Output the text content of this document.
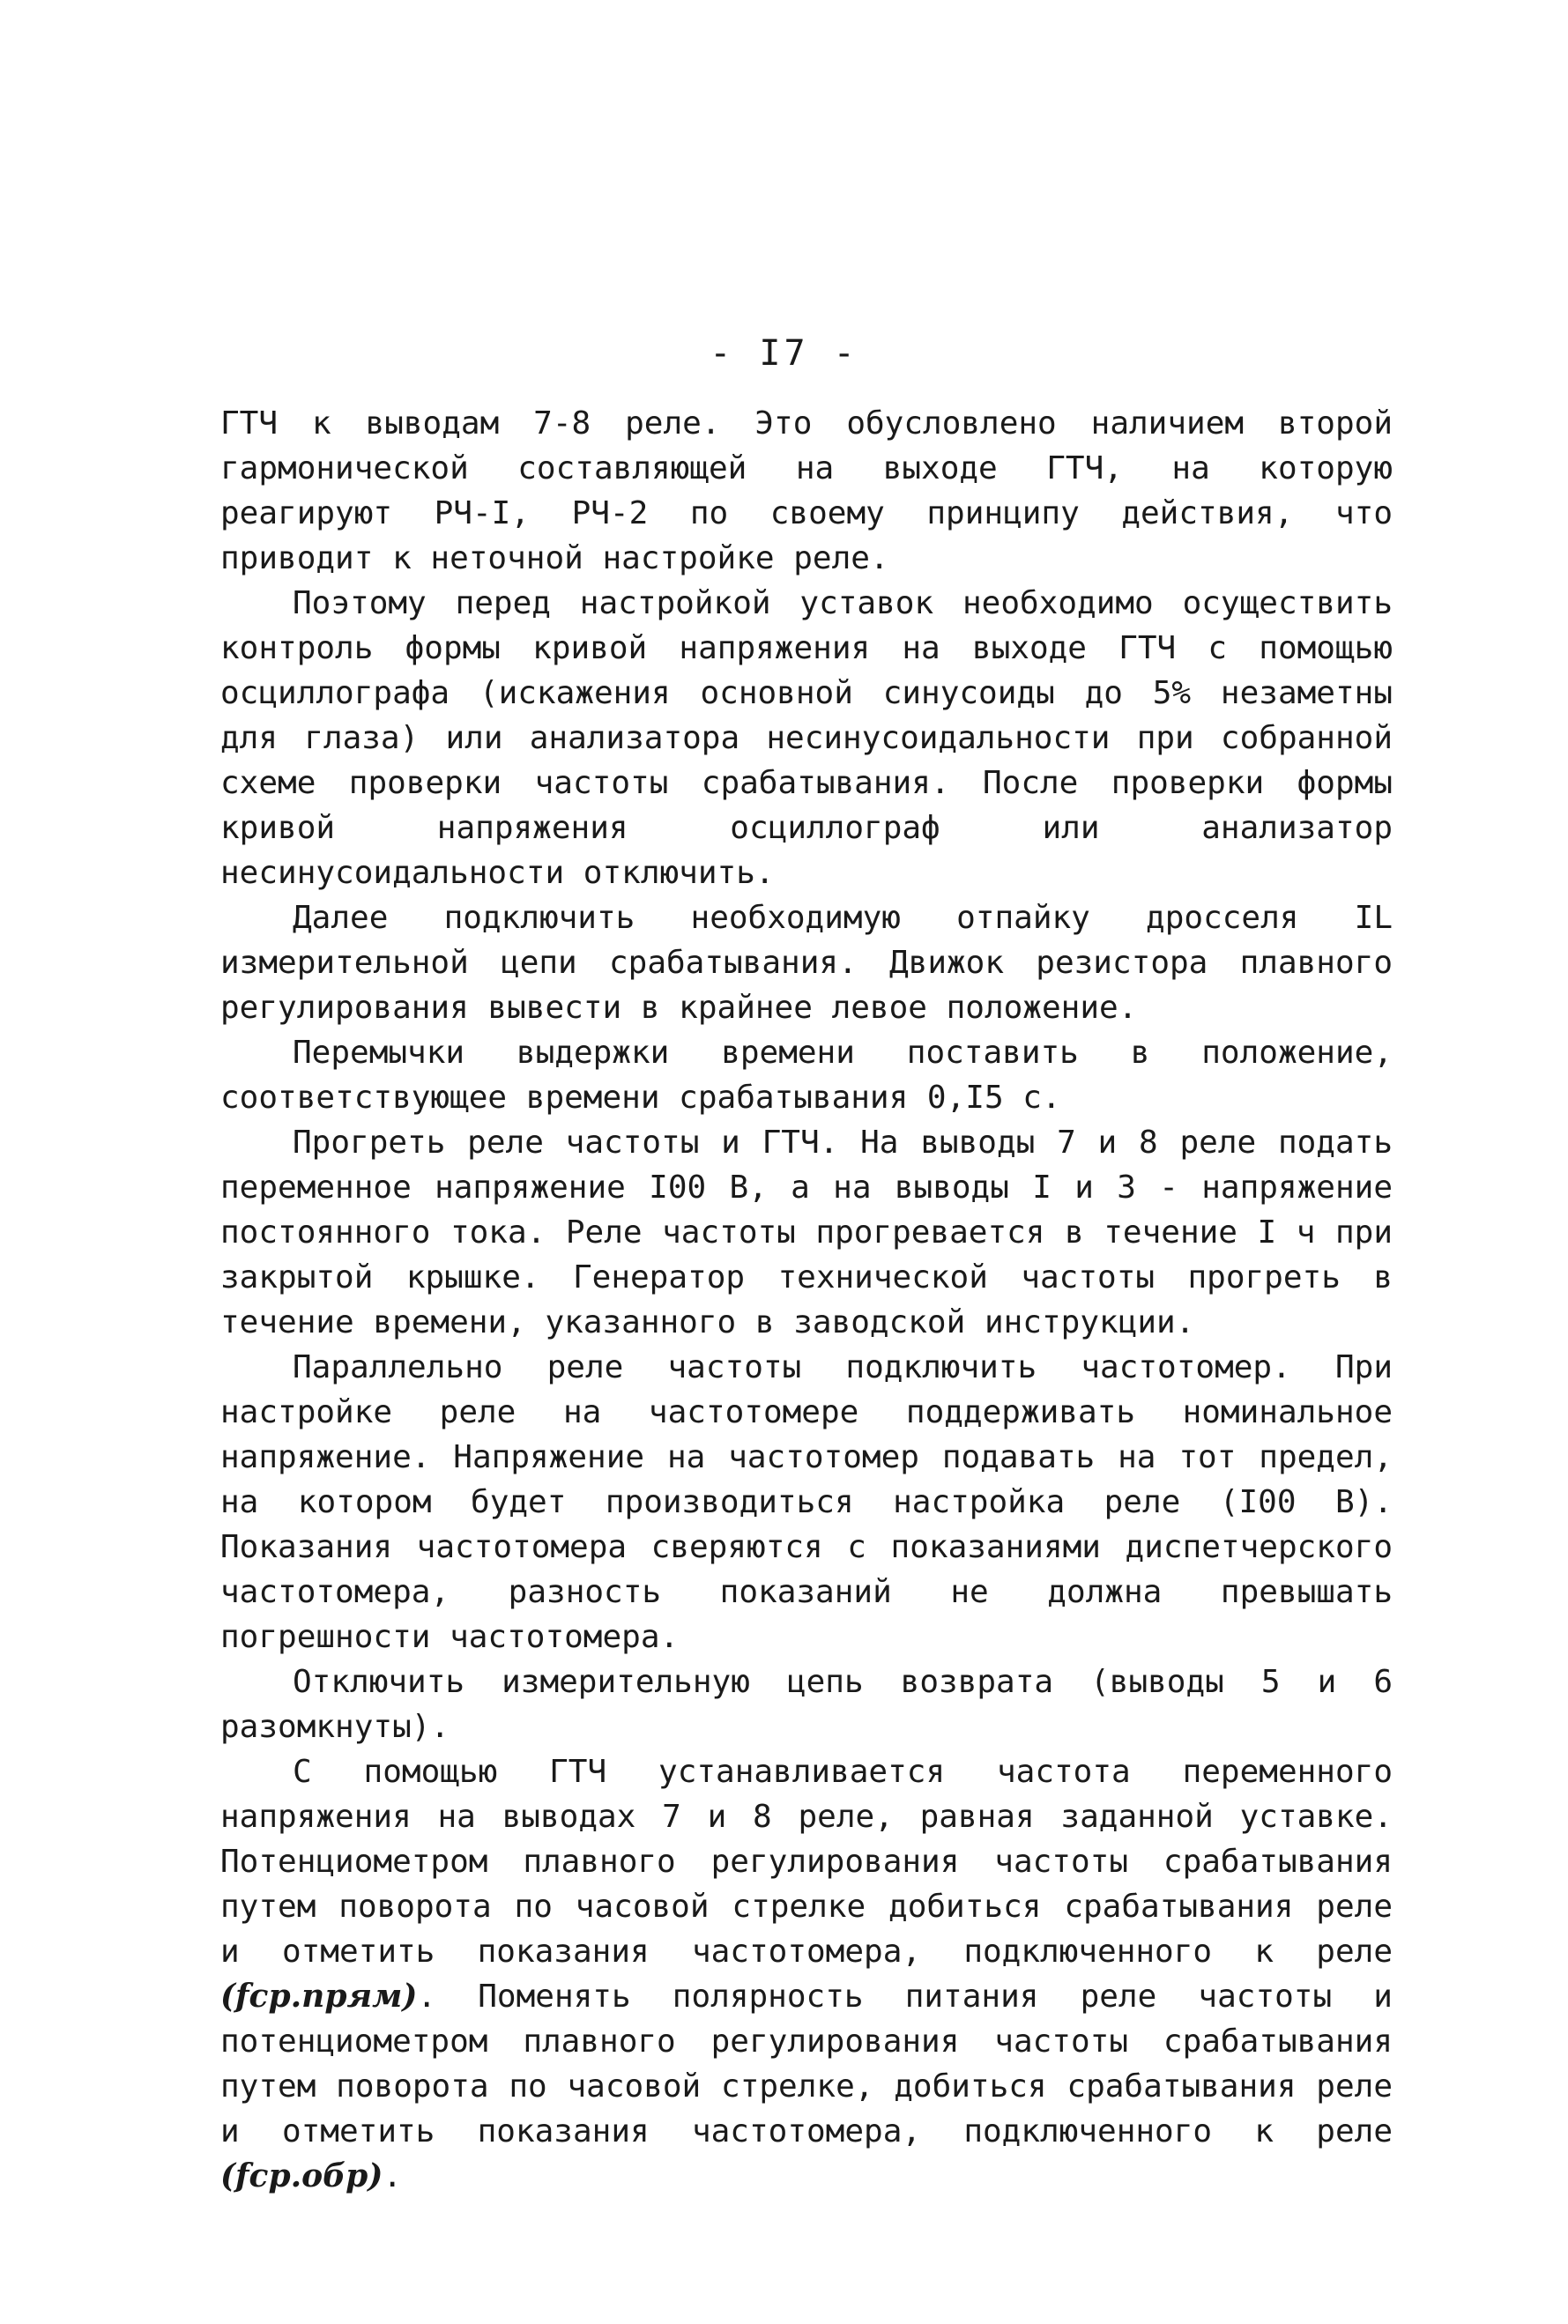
- I7 -

ГТЧ к выводам 7-8 реле. Это обусловлено наличием второй гармонической составляющей на выходе ГТЧ, на которую реагируют РЧ-I, РЧ-2 по своему принципу действия, что приводит к неточной настройке реле.

Поэтому перед настройкой уставок необходимо осуществить контроль формы кривой напряжения на выходе ГТЧ с помощью осциллографа (искажения основной синусоиды до 5% незаметны для глаза) или анализатора несинусоидальности при собранной схеме проверки частоты срабатывания. После проверки формы кривой напряжения осциллограф или анализатор несинусоидальности отключить.

Далее подключить необходимую отпайку дросселя IL измерительной цепи срабатывания. Движок резистора плавного регулирования вывести в крайнее левое положение.

Перемычки выдержки времени поставить в положение, соответствующее времени срабатывания 0,I5 с.

Прогреть реле частоты и ГТЧ. На выводы 7 и 8 реле подать переменное напряжение I00 В, а на выводы I и 3 - напряжение постоянного тока. Реле частоты прогревается в течение I ч при закрытой крышке. Генератор технической частоты прогреть в течение времени, указанного в заводской инструкции.

Параллельно реле частоты подключить частотомер. При настройке реле на частотомере поддерживать номинальное напряжение. Напряжение на частотомер подавать на тот предел, на котором будет производиться настройка реле (I00 В). Показания частотомера сверяются с показаниями диспетчерского частотомера, разность показаний не должна превышать погрешности частотомера.

Отключить измерительную цепь возврата (выводы 5 и 6 разомкнуты).

С помощью ГТЧ устанавливается частота переменного напряжения на выводах 7 и 8 реле, равная заданной уставке. Потенциометром плавного регулирования частоты срабатывания путем поворота по часовой стрелке добиться срабатывания реле и отметить показания частотомера, подключенного к реле (fср.прям). Поменять полярность питания реле частоты и потенциометром плавного регулирования частоты срабатывания путем поворота по часовой стрелке, добиться срабатывания реле и отметить показания частотомера, подключенного к реле (fср.обр).
